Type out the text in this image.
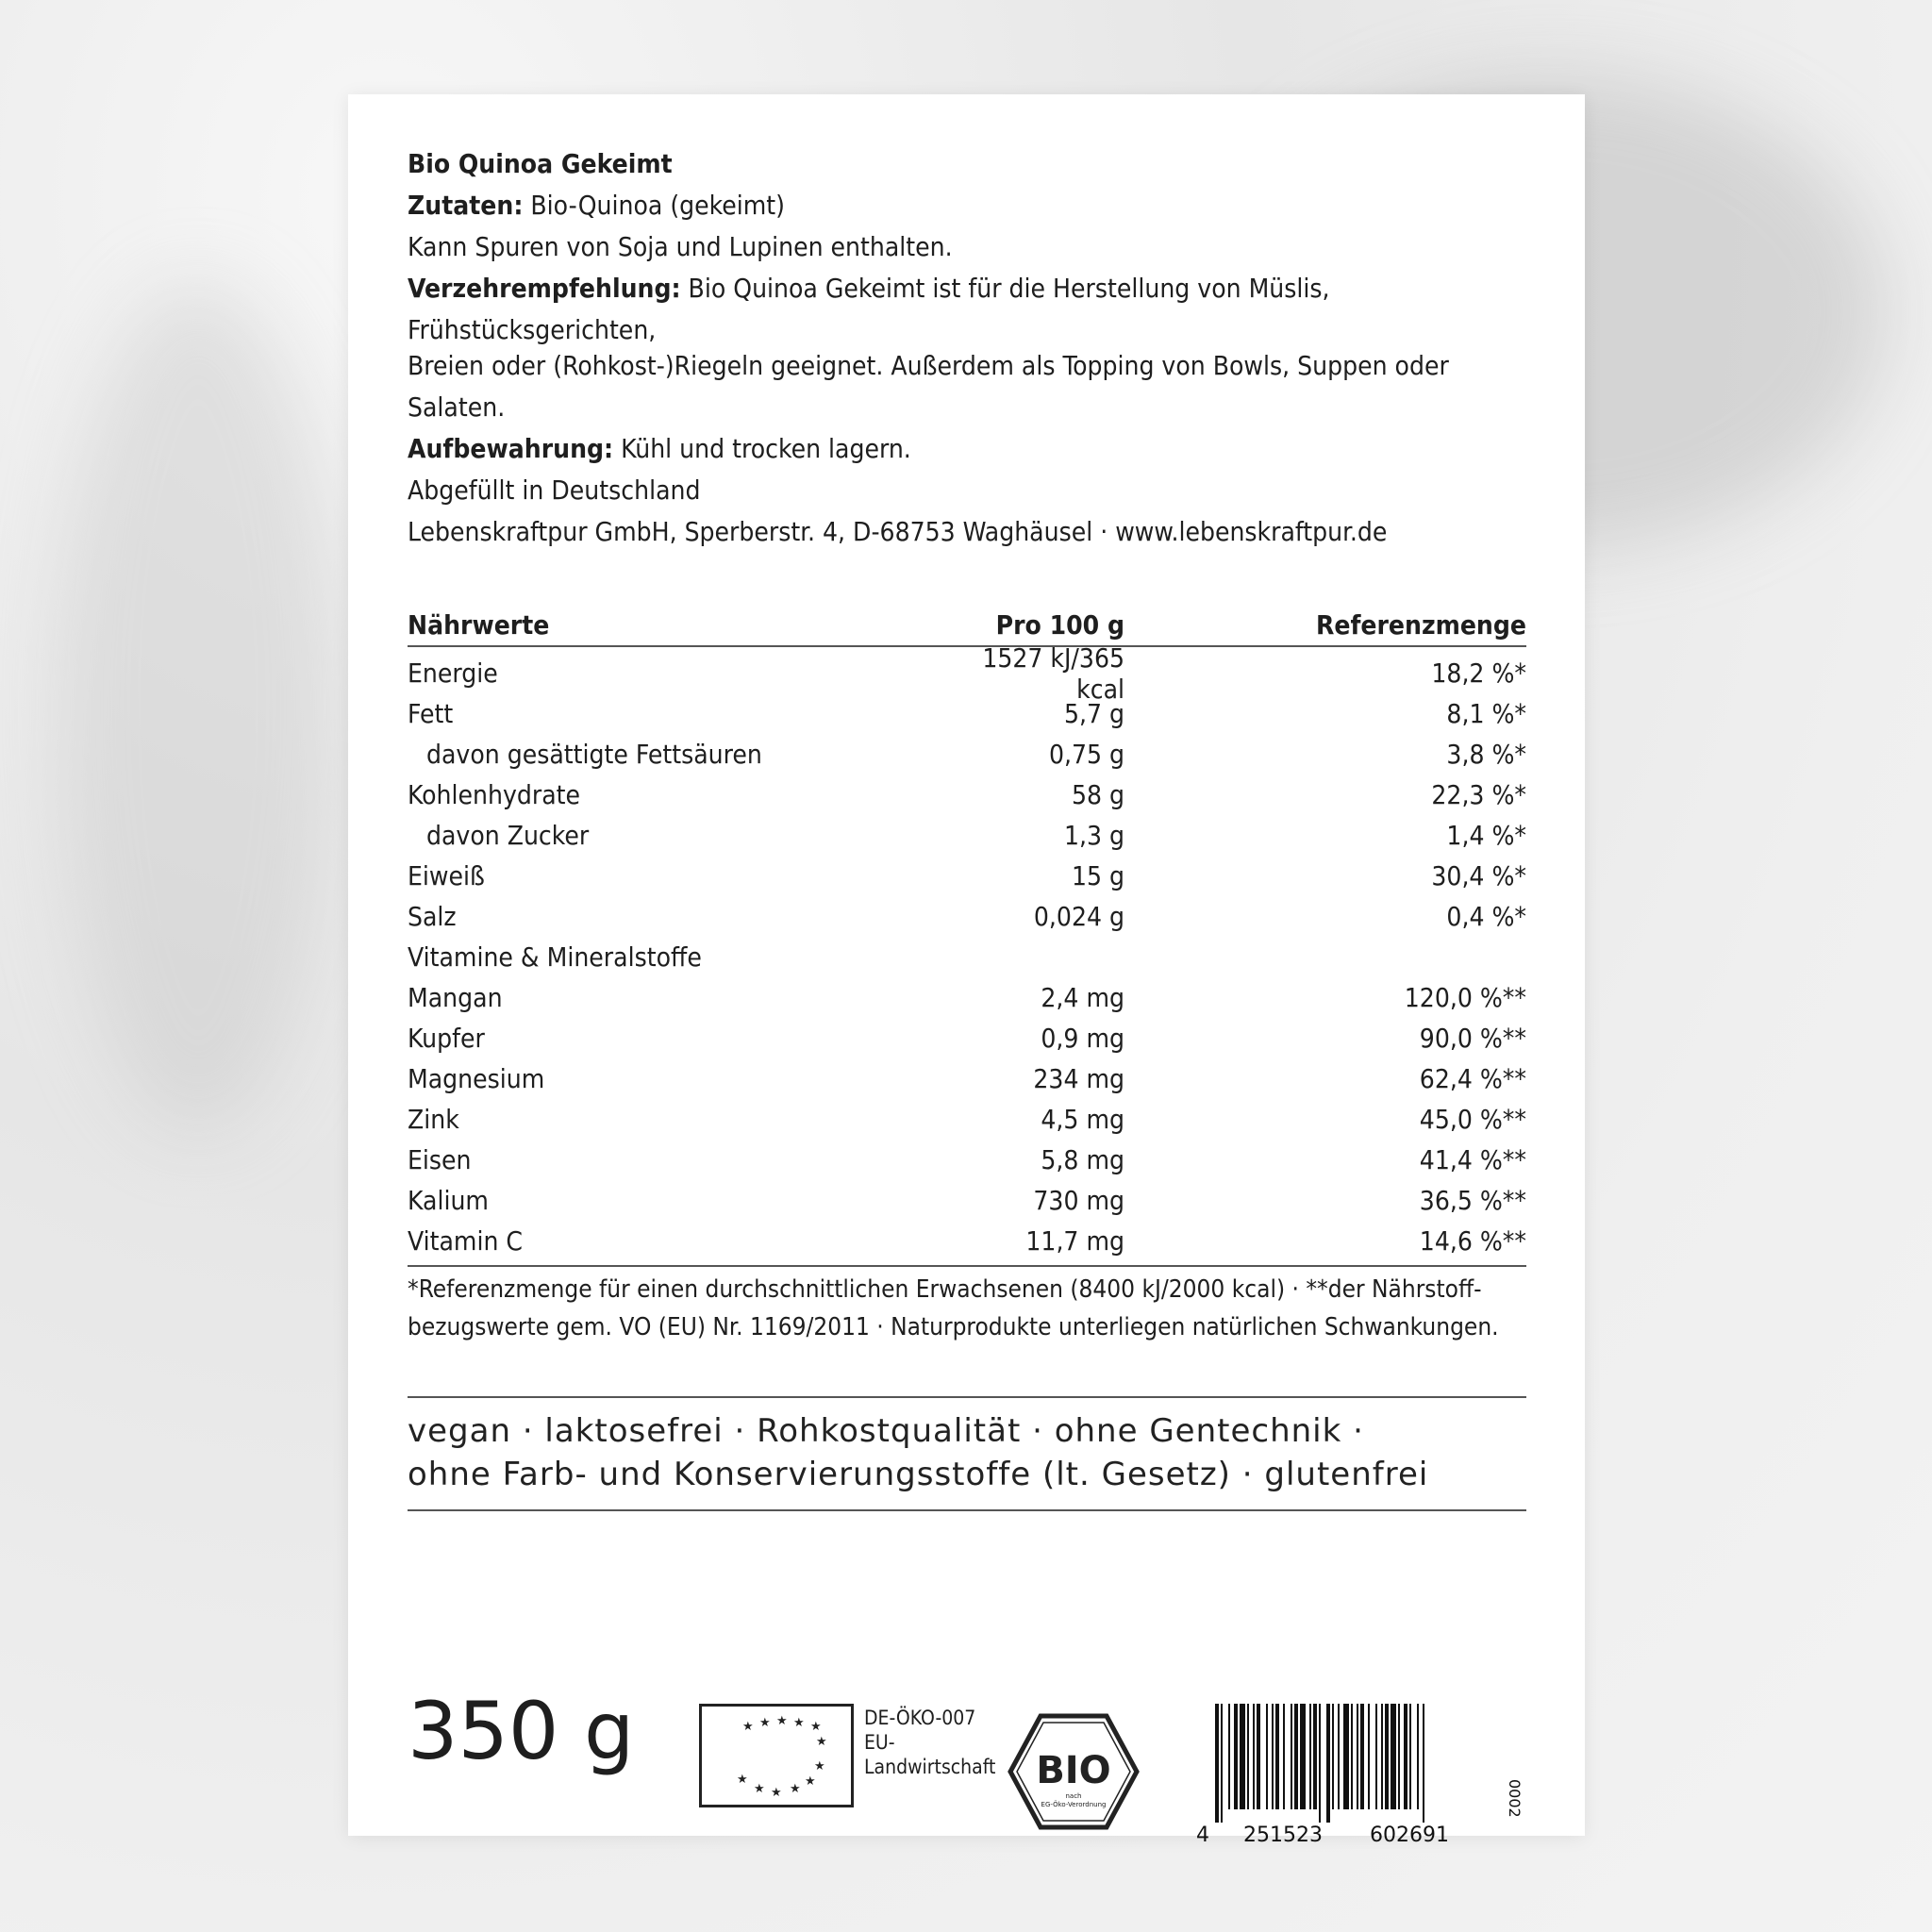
Bio Quinoa Gekeimt

Zutaten: Bio-Quinoa (gekeimt)

Kann Spuren von Soja und Lupinen enthalten.

Verzehrempfehlung: Bio Quinoa Gekeimt ist für die Herstellung von Müslis, Frühstücksgerichten,

Breien oder (Rohkost-)Riegeln geeignet. Außerdem als Topping von Bowls, Suppen oder Salaten.

Aufbewahrung: Kühl und trocken lagern.

Abgefüllt in Deutschland

Lebenskraftpur GmbH, Sperberstr. 4, D-68753 Waghäusel · www.lebenskraftpur.de

Nährwerte	Pro 100 g	Referenzmenge
Energie	1527 kJ/365 kcal	18,2 %*
Fett	5,7 g	8,1 %*
davon gesättigte Fettsäuren	0,75 g	3,8 %*
Kohlenhydrate	58 g	22,3 %*
davon Zucker	1,3 g	1,4 %*
Eiweiß	15 g	30,4 %*
Salz	0,024 g	0,4 %*
Vitamine & Mineralstoffe
Mangan	2,4 mg	120,0 %**
Kupfer	0,9 mg	90,0 %**
Magnesium	234 mg	62,4 %**
Zink	4,5 mg	45,0 %**
Eisen	5,8 mg	41,4 %**
Kalium	730 mg	36,5 %**
Vitamin C	11,7 mg	14,6 %**
*Referenzmenge für einen durchschnittlichen Erwachsenen (8400 kJ/2000 kcal) · **der Nährstoff-
bezugswerte gem. VO (EU) Nr. 1169/2011 · Naturprodukte unterliegen natürlichen Schwankungen.

vegan · laktosefrei · Rohkostqualität · ohne Gentechnik ·

ohne Farb- und Konservierungsstoffe (lt. Gesetz) · glutenfrei

350 g	★ ★ ★ ★ ★
★
★
★ ★ ★
★
★
DE-ÖKO-007
EU-
Landwirtschaft BIO
nach
EG-Öko-Verordnung
4 251523 602691
0002
